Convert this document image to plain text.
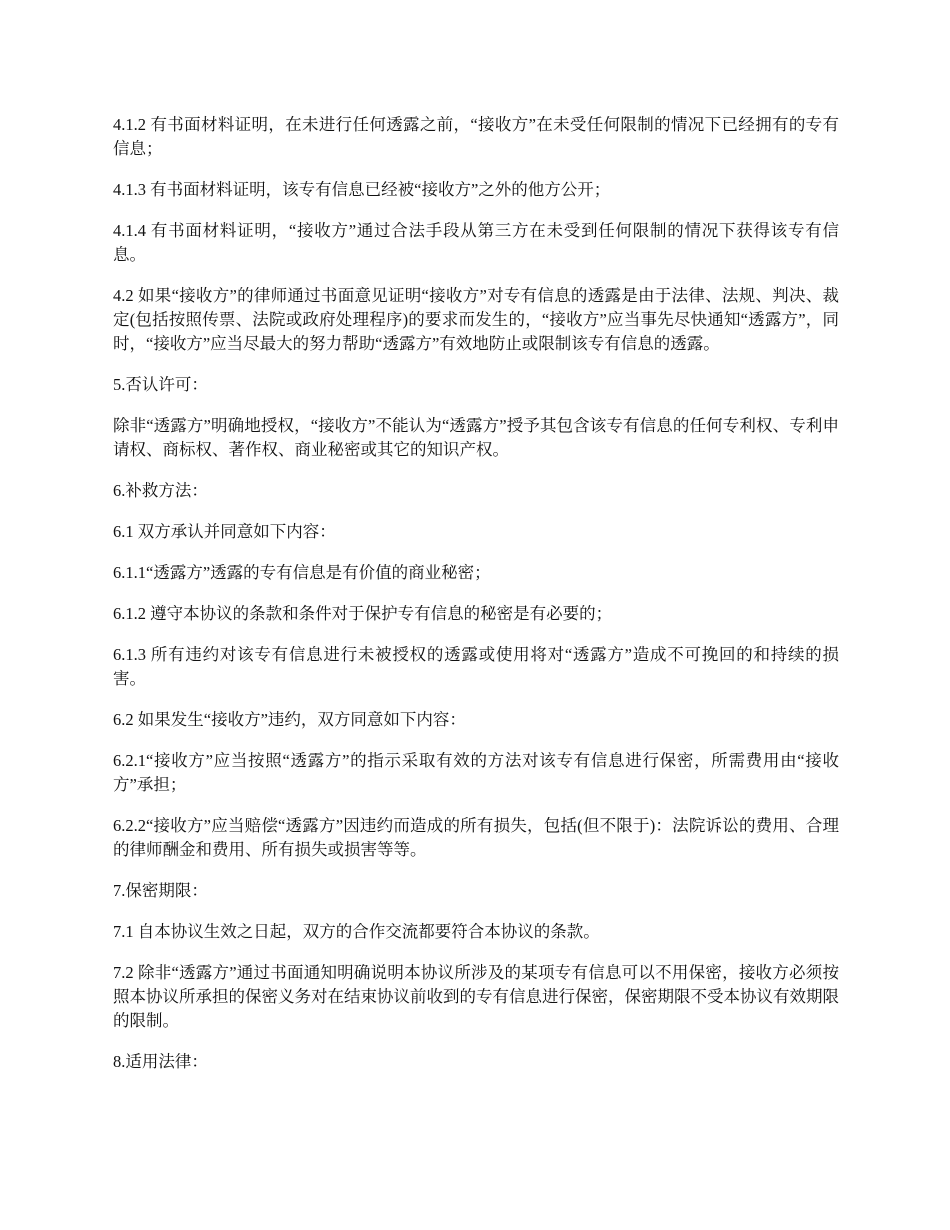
4.1.2 有书面材料证明，在未进行任何透露之前，“接收方”在未受任何限制的情况下已经拥有的专有信息；

4.1.3 有书面材料证明，该专有信息已经被“接收方”之外的他方公开；

4.1.4 有书面材料证明，“接收方”通过合法手段从第三方在未受到任何限制的情况下获得该专有信息。

4.2 如果“接收方”的律师通过书面意见证明“接收方”对专有信息的透露是由于法律、法规、判决、裁定(包括按照传票、法院或政府处理程序)的要求而发生的，“接收方”应当事先尽快通知“透露方”，同时，“接收方”应当尽最大的努力帮助“透露方”有效地防止或限制该专有信息的透露。

5.否认许可：

除非“透露方”明确地授权，“接收方”不能认为“透露方”授予其包含该专有信息的任何专利权、专利申请权、商标权、著作权、商业秘密或其它的知识产权。

6.补救方法：

6.1 双方承认并同意如下内容：

6.1.1“透露方”透露的专有信息是有价值的商业秘密；

6.1.2 遵守本协议的条款和条件对于保护专有信息的秘密是有必要的；

6.1.3 所有违约对该专有信息进行未被授权的透露或使用将对“透露方”造成不可挽回的和持续的损害。

6.2 如果发生“接收方”违约，双方同意如下内容：

6.2.1“接收方”应当按照“透露方”的指示采取有效的方法对该专有信息进行保密，所需费用由“接收方”承担；

6.2.2“接收方”应当赔偿“透露方”因违约而造成的所有损失，包括(但不限于)：法院诉讼的费用、合理的律师酬金和费用、所有损失或损害等等。

7.保密期限：

7.1 自本协议生效之日起，双方的合作交流都要符合本协议的条款。

7.2 除非“透露方”通过书面通知明确说明本协议所涉及的某项专有信息可以不用保密，接收方必须按照本协议所承担的保密义务对在结束协议前收到的专有信息进行保密，保密期限不受本协议有效期限的限制。

8.适用法律：
